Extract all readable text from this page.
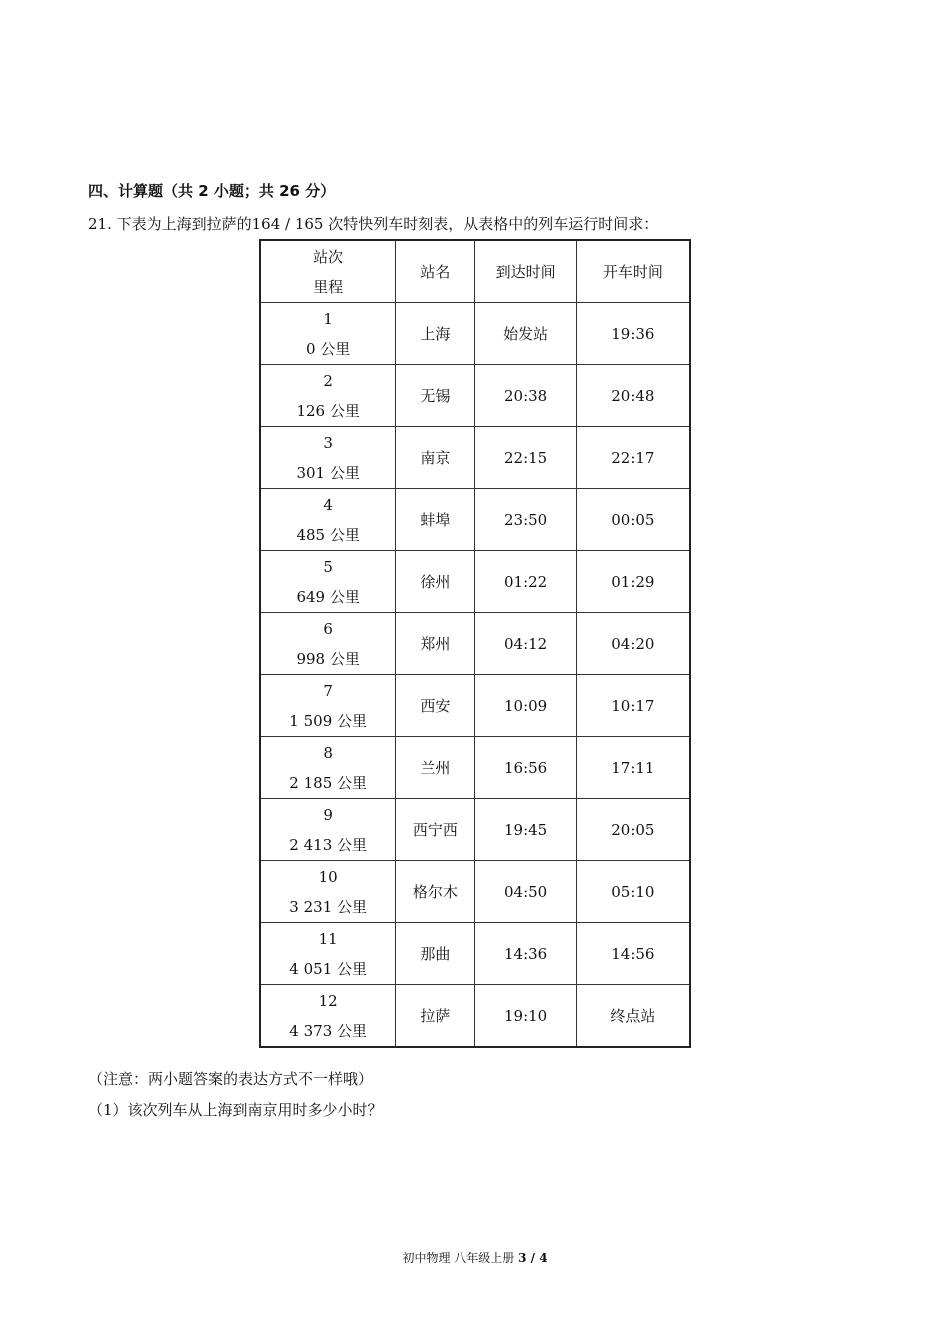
四、计算题（共 2 小题；共 26 分）
21. 下表为上海到拉萨的164 / 165 次特快列车时刻表，从表格中的列车运行时间求：
站次
里程	站名	到达时间	开车时间

1
0 公里	上海	始发站	19:36

2
126 公里	无锡	20:38	20:48

3
301 公里	南京	22:15	22:17

4
485 公里	蚌埠	23:50	00:05

5
649 公里	徐州	01:22	01:29

6
998 公里	郑州	04:12	04:20

7
1 509 公里	西安	10:09	10:17

8
2 185 公里	兰州	16:56	17:11

9
2 413 公里	西宁西	19:45	20:05

10
3 231 公里	格尔木	04:50	05:10

11
4 051 公里	那曲	14:36	14:56

12
4 373 公里	拉萨	19:10	终点站
（注意：两小题答案的表达方式不一样哦）
（1）该次列车从上海到南京用时多少小时？
初中物理 八年级上册 3 / 4
